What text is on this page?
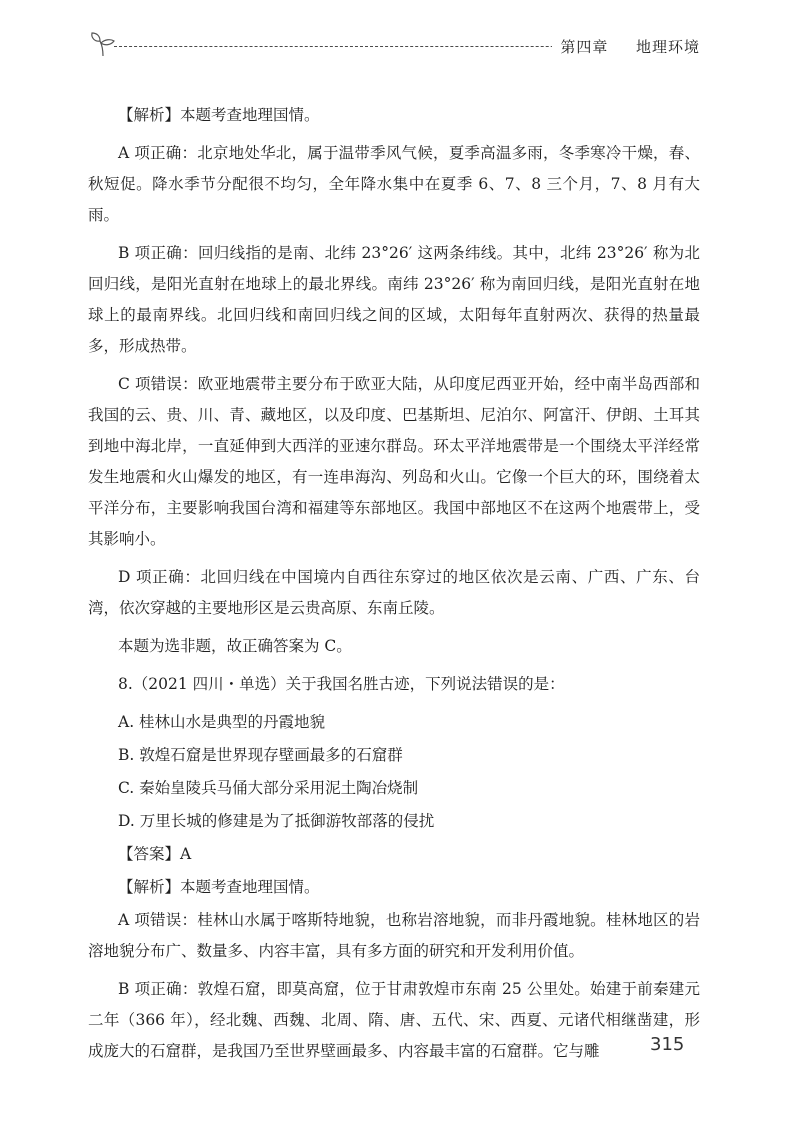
第四章 地理环境

【解析】本题考查地理国情。

A 项正确：北京地处华北，属于温带季风气候，夏季高温多雨，冬季寒冷干燥，春、秋短促。降水季节分配很不均匀，全年降水集中在夏季 6、7、8 三个月，7、8 月有大雨。

B 项正确：回归线指的是南、北纬 23°26′ 这两条纬线。其中，北纬 23°26′ 称为北回归线，是阳光直射在地球上的最北界线。南纬 23°26′ 称为南回归线，是阳光直射在地球上的最南界线。北回归线和南回归线之间的区域，太阳每年直射两次、获得的热量最多，形成热带。

C 项错误：欧亚地震带主要分布于欧亚大陆，从印度尼西亚开始，经中南半岛西部和我国的云、贵、川、青、藏地区，以及印度、巴基斯坦、尼泊尔、阿富汗、伊朗、土耳其到地中海北岸，一直延伸到大西洋的亚速尔群岛。环太平洋地震带是一个围绕太平洋经常发生地震和火山爆发的地区，有一连串海沟、列岛和火山。它像一个巨大的环，围绕着太平洋分布，主要影响我国台湾和福建等东部地区。我国中部地区不在这两个地震带上，受其影响小。

D 项正确：北回归线在中国境内自西往东穿过的地区依次是云南、广西、广东、台湾，依次穿越的主要地形区是云贵高原、东南丘陵。

本题为选非题，故正确答案为 C。

8.（2021 四川・单选）关于我国名胜古迹，下列说法错误的是：

A. 桂林山水是典型的丹霞地貌

B. 敦煌石窟是世界现存壁画最多的石窟群

C. 秦始皇陵兵马俑大部分采用泥土陶冶烧制

D. 万里长城的修建是为了抵御游牧部落的侵扰

【答案】A

【解析】本题考查地理国情。

A 项错误：桂林山水属于喀斯特地貌，也称岩溶地貌，而非丹霞地貌。桂林地区的岩溶地貌分布广、数量多、内容丰富，具有多方面的研究和开发利用价值。

B 项正确：敦煌石窟，即莫高窟，位于甘肃敦煌市东南 25 公里处。始建于前秦建元二年（366 年），经北魏、西魏、北周、隋、唐、五代、宋、西夏、元诸代相继凿建，形成庞大的石窟群，是我国乃至世界壁画最多、内容最丰富的石窟群。它与雕	315
